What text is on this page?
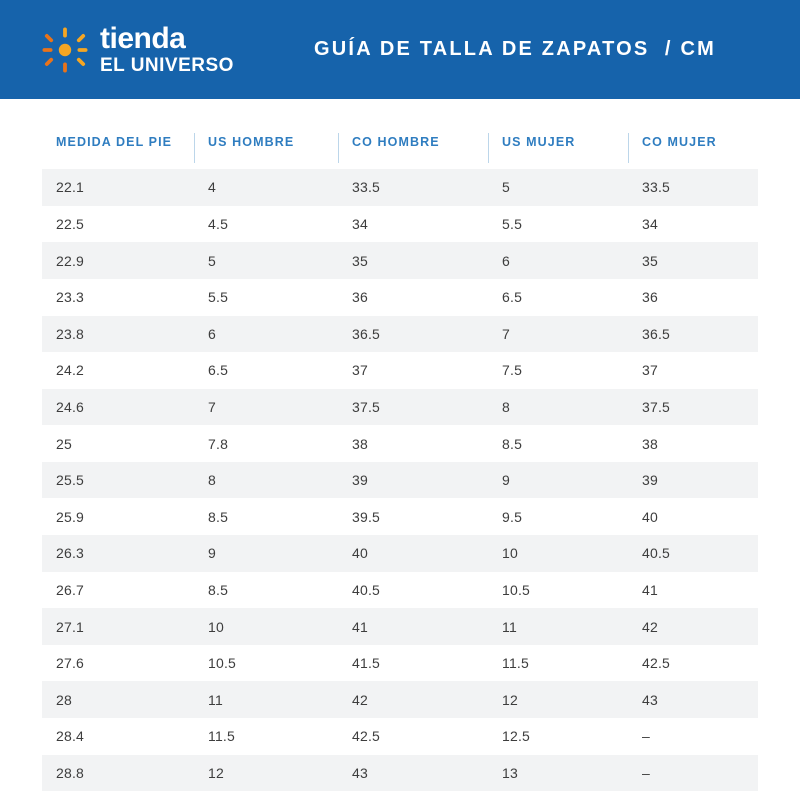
tienda
EL UNIVERSO
GUÍA DE TALLA DE ZAPATOS  / CM
MEDIDA DEL PIE	US HOMBRE	CO HOMBRE	US MUJER	CO MUJER
22.1	4	33.5	5	33.5
22.5	4.5	34	5.5	34
22.9	5	35	6	35
23.3	5.5	36	6.5	36
23.8	6	36.5	7	36.5
24.2	6.5	37	7.5	37
24.6	7	37.5	8	37.5
25	7.8	38	8.5	38
25.5	8	39	9	39
25.9	8.5	39.5	9.5	40
26.3	9	40	10	40.5
26.7	8.5	40.5	10.5	41
27.1	10	41	11	42
27.6	10.5	41.5	11.5	42.5
28	11	42	12	43
28.4	11.5	42.5	12.5	–
28.8	12	43	13	–
